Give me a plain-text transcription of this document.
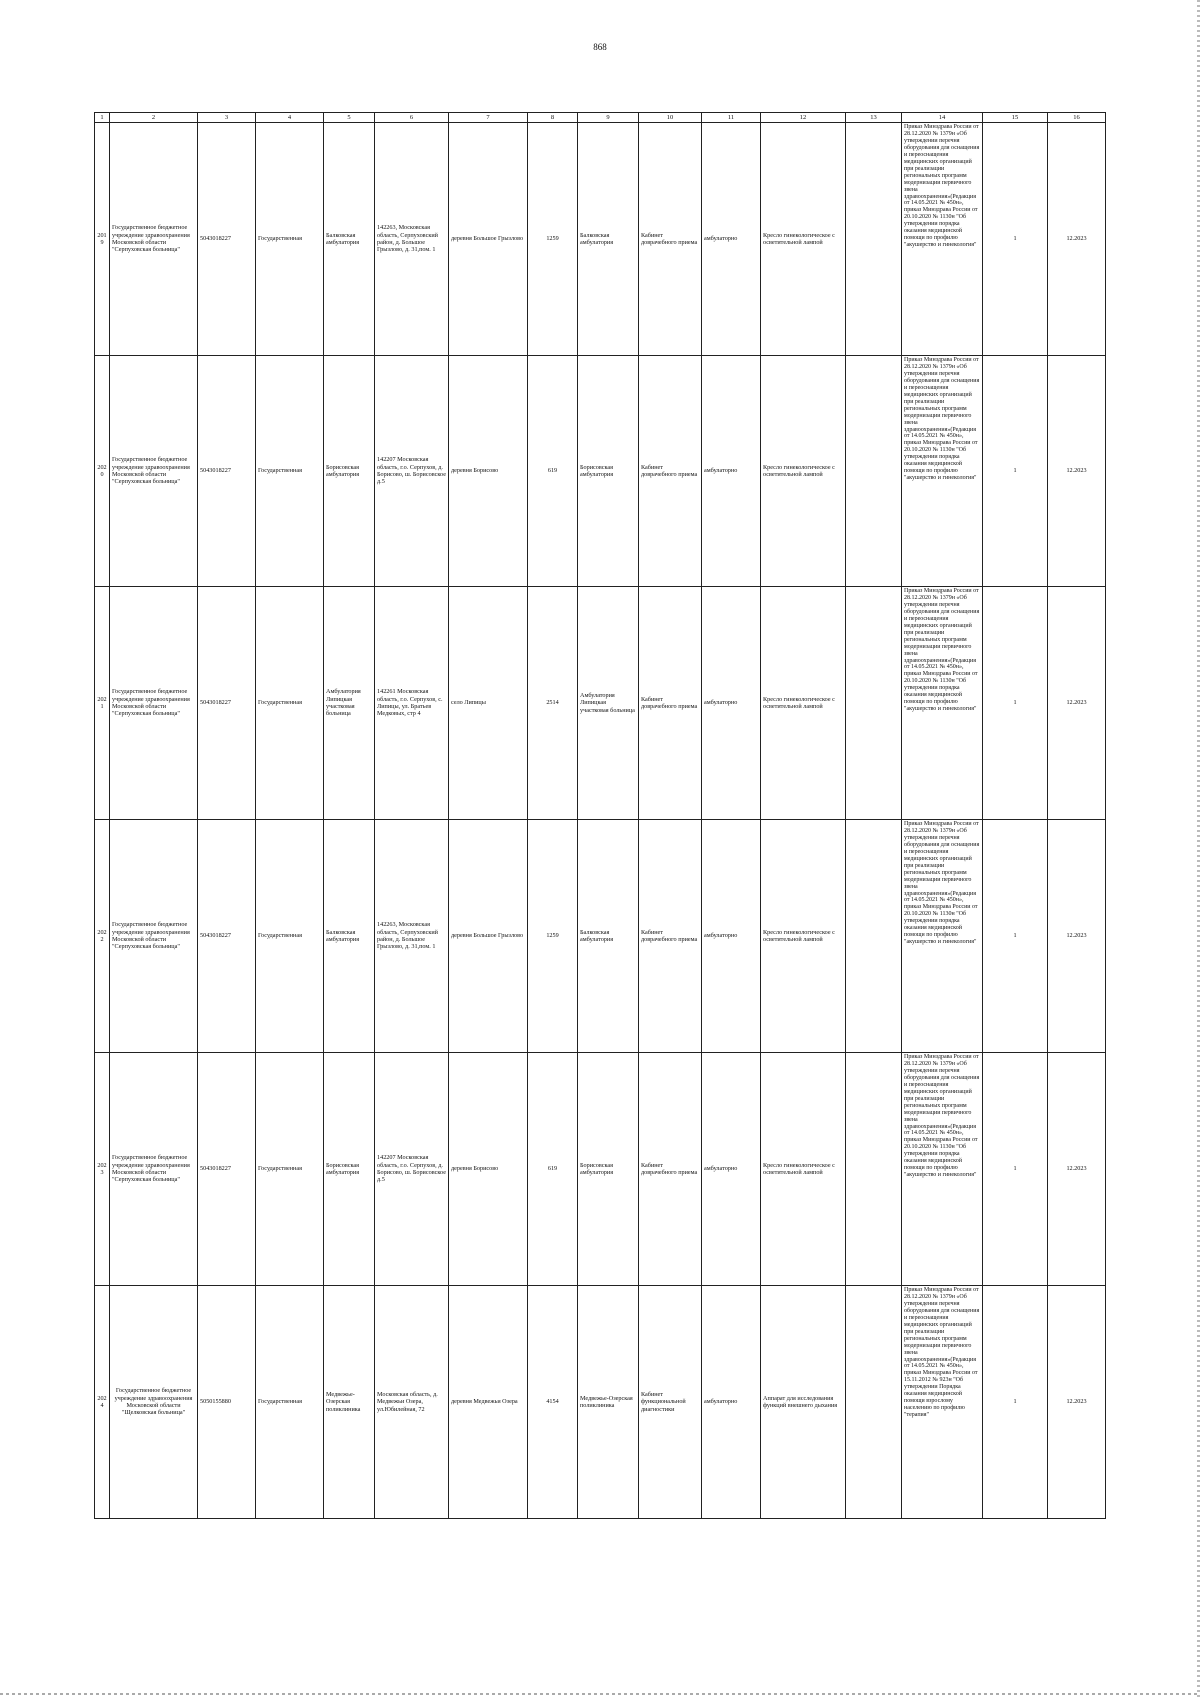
868
1	2	3	4	5	6	7	8	9	10	11	12	13	14	15	16
2019	Государственное бюджетное учреждение здравоохранения Московской области "Серпуховская больница"	5043018227	Государственная	Балковская амбулатория	142263, Московская область, Серпуховский район, д. Большое Грызлово, д. 31,пом. 1	деревня Большое Грызлово	1259	Балковская амбулатория	Кабинет доврачебного приема	амбулаторно	Кресло гинекологическое с осветительной лампой		Приказ Минздрава России от 28.12.2020 № 1379н «Об утверждении перечня оборудования для оснащения и переоснащения медицинских организаций при реализации региональных программ модернизации первичного звена здравоохранения»(Редакция от 14.05.2021 № 450н», приказ Минздрава России от 20.10.2020 № 1130н "Об утверждении порядка оказания медицинской помощи по профилю "акушерство и гинекология"	1	12.2023
2020	Государственное бюджетное учреждение здравоохранения Московской области "Серпуховская больница"	5043018227	Государственная	Борисовская амбулатория	142207 Московская область, г.о. Серпухов, д. Борисово, ш. Борисовское д.5	деревня Борисово	619	Борисовская амбулатория	Кабинет доврачебного приема	амбулаторно	Кресло гинекологическое с осветительной лампой		Приказ Минздрава России от 28.12.2020 № 1379н «Об утверждении перечня оборудования для оснащения и переоснащения медицинских организаций при реализации региональных программ модернизации первичного звена здравоохранения»(Редакция от 14.05.2021 № 450н», приказ Минздрава России от 20.10.2020 № 1130н "Об утверждении порядка оказания медицинской помощи по профилю "акушерство и гинекология"	1	12.2023
2021	Государственное бюджетное учреждение здравоохранения Московской области "Серпуховская больница"	5043018227	Государственная	Амбулатория Липицкая участковая больница	142261 Московская область, г.о. Серпухов, с. Липицы, ул. Братьев Медковых, стр 4	село Липицы	2514	Амбулатория Липицкая участковая больница	Кабинет доврачебного приема	амбулаторно	Кресло гинекологическое с осветительной лампой		Приказ Минздрава России от 28.12.2020 № 1379н «Об утверждении перечня оборудования для оснащения и переоснащения медицинских организаций при реализации региональных программ модернизации первичного звена здравоохранения»(Редакция от 14.05.2021 № 450н», приказ Минздрава России от 20.10.2020 № 1130н "Об утверждении порядка оказания медицинской помощи по профилю "акушерство и гинекология"	1	12.2023
2022	Государственное бюджетное учреждение здравоохранения Московской области "Серпуховская больница"	5043018227	Государственная	Балковская амбулатория	142263, Московская область, Серпуховский район, д. Большое Грызлово, д. 31,пом. 1	деревня Большое Грызлово	1259	Балковская амбулатория	Кабинет доврачебного приема	амбулаторно	Кресло гинекологическое с осветительной лампой		Приказ Минздрава России от 28.12.2020 № 1379н «Об утверждении перечня оборудования для оснащения и переоснащения медицинских организаций при реализации региональных программ модернизации первичного звена здравоохранения»(Редакция от 14.05.2021 № 450н», приказ Минздрава России от 20.10.2020 № 1130н "Об утверждении порядка оказания медицинской помощи по профилю "акушерство и гинекология"	1	12.2023
2023	Государственное бюджетное учреждение здравоохранения Московской области "Серпуховская больница"	5043018227	Государственная	Борисовская амбулатория	142207 Московская область, г.о. Серпухов, д. Борисово, ш. Борисовское д.5	деревня Борисово	619	Борисовская амбулатория	Кабинет доврачебного приема	амбулаторно	Кресло гинекологическое с осветительной лампой		Приказ Минздрава России от 28.12.2020 № 1379н «Об утверждении перечня оборудования для оснащения и переоснащения медицинских организаций при реализации региональных программ модернизации первичного звена здравоохранения»(Редакция от 14.05.2021 № 450н», приказ Минздрава России от 20.10.2020 № 1130н "Об утверждении порядка оказания медицинской помощи по профилю "акушерство и гинекология"	1	12.2023
2024	Государственное бюджетное учреждение здравоохранения Московской области "Щелковская больница"	5050155880	Государственная	Медвежье-Озерская поликлиника	Московская область, д. Медвежьи Озера, ул.Юбилейная, 72	деревня Медвежьи Озера	4154	Медвежье-Озерская поликлиника	Кабинет функциональной диагностики	амбулаторно	Аппарат для исследования функций внешнего дыхания		Приказ Минздрава России от 28.12.2020 № 1379н «Об утверждении перечня оборудования для оснащения и переоснащения медицинских организаций при реализации региональных программ модернизации первичного звена здравоохранения»(Редакция от 14.05.2021 № 450н», приказ Минздрава России от 15.11.2012 № 923н "Об утверждении Порядка оказания медицинской помощи взрослому населению по профилю "терапия"	1	12.2023
